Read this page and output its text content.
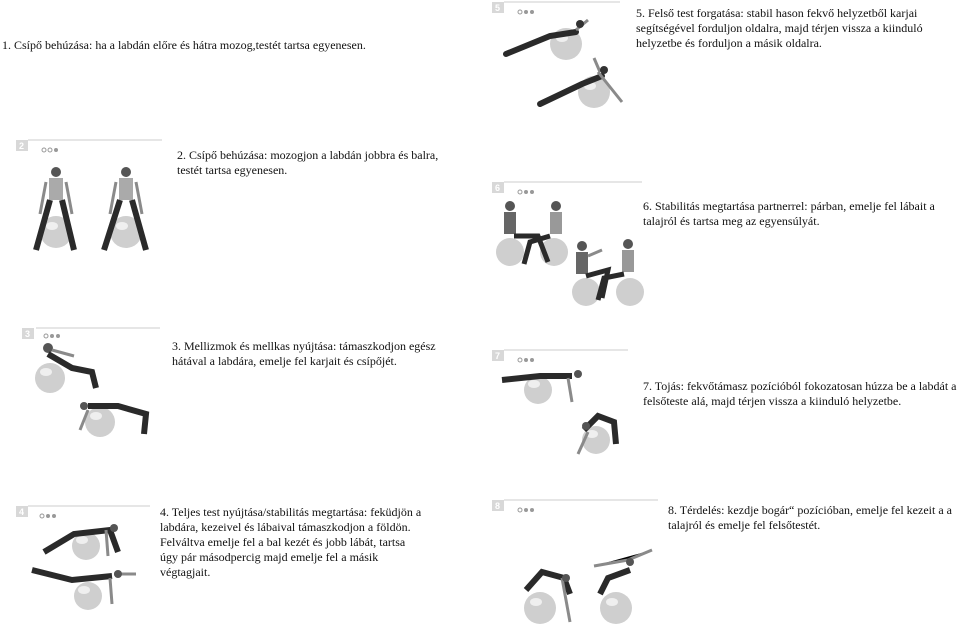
1. Csípő behúzása: ha a labdán előre és hátra mozog,testét tartsa egyenesen.
5. Felső test forgatása: stabil hason fekvő helyzetből karjai segítségével forduljon oldalra, majd térjen vissza a kiinduló helyzetbe és forduljon a másik oldalra.
2. Csípő behúzása: mozogjon a labdán jobbra és balra, testét tartsa egyenesen.
6. Stabilitás megtartása partnerrel: párban, emelje fel lábait a talajról és tartsa meg az egyensúlyát.
3. Mellizmok és mellkas nyújtása: támaszkodjon egész hátával a labdára, emelje fel karjait és csípőjét.
7. Tojás: fekvőtámasz pozícióból fokozatosan húzza be a labdát a felsőteste alá, majd térjen vissza a kiinduló helyzetbe.
4. Teljes test nyújtása/stabilitás megtartása: feküdjön a labdára, kezeivel és lábaival támaszkodjon a földön. Felváltva emelje fel a bal kezét és jobb lábát, tartsa úgy pár másodpercig majd emelje fel a másik végtagjait.
8. Térdelés: kezdje bogár“ pozícióban, emelje fel kezeit a a talajról és emelje fel felsőtestét.
5
2
6
3
7
4
8
